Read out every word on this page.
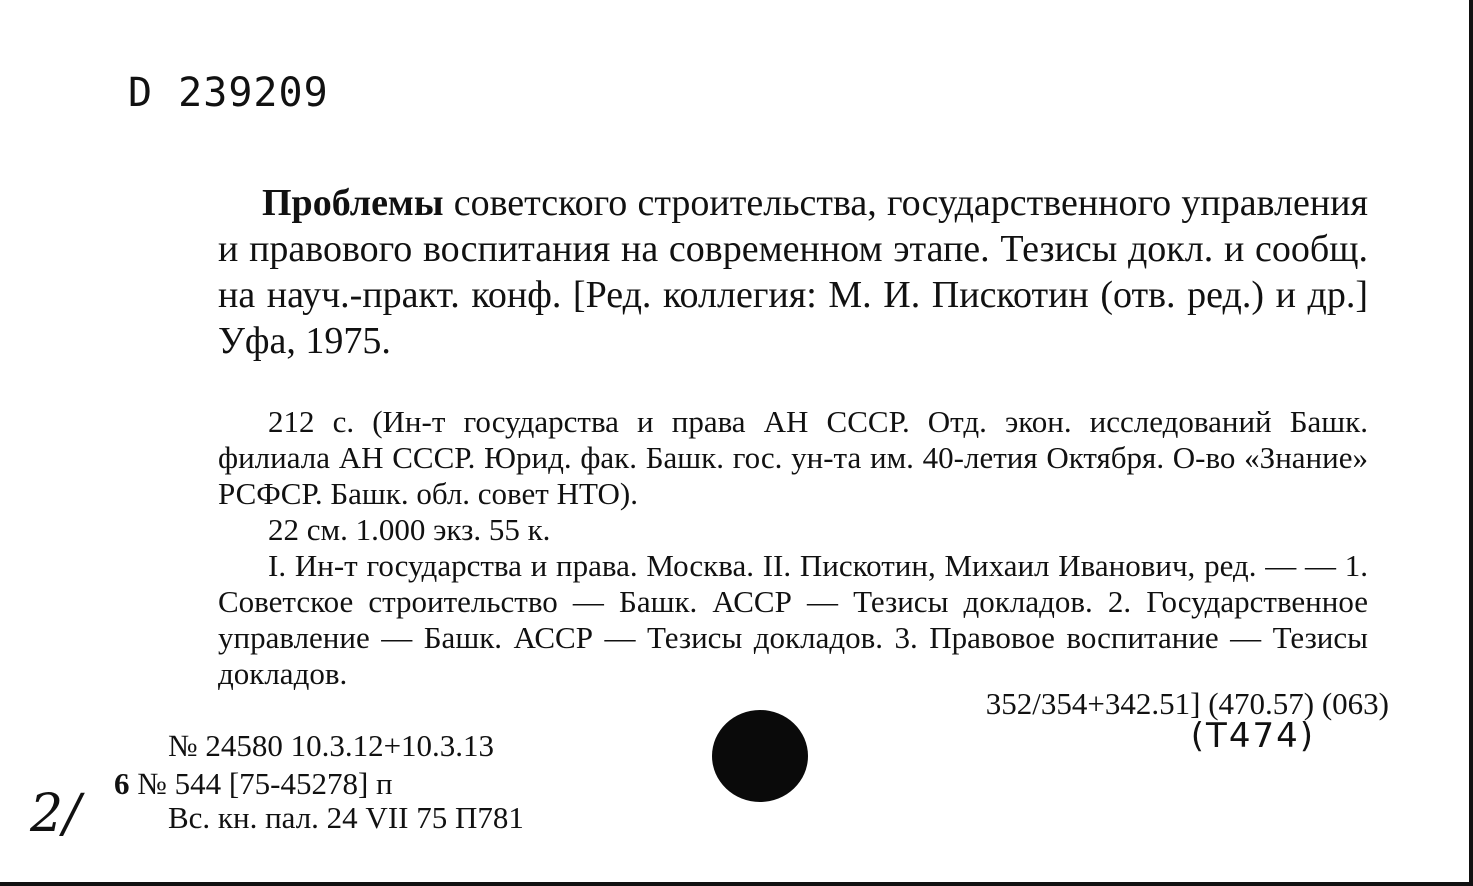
D 239209
Проблемы советского строительства, государственного управления и правового воспитания на современном этапе. Тезисы докл. и сообщ. на науч.-практ. конф. [Ред. коллегия: М. И. Пискотин (отв. ред.) и др.] Уфа, 1975.
212 с. (Ин-т государства и права АН СССР. Отд. экон. исследований Башк. филиала АН СССР. Юрид. фак. Башк. гос. ун-та им. 40-летия Октября. О-во «Знание» РСФСР. Башк. обл. совет НТО).
22 см. 1.000 экз. 55 к.
I. Ин-т государства и права. Москва. II. Пискотин, Михаил Иванович, ред. — — 1. Советское строительство — Башк. АССР — Тезисы докладов. 2. Государственное управление — Башк. АССР — Тезисы докладов. 3. Правовое воспитание — Тезисы докладов.
352/354+342.51] (470.57) (063)
(Т474)
№ 24580 10.3.12+10.3.13
6 № 544 [75-45278] п
Вс. кн. пал. 24 VII 75 П781
2/
